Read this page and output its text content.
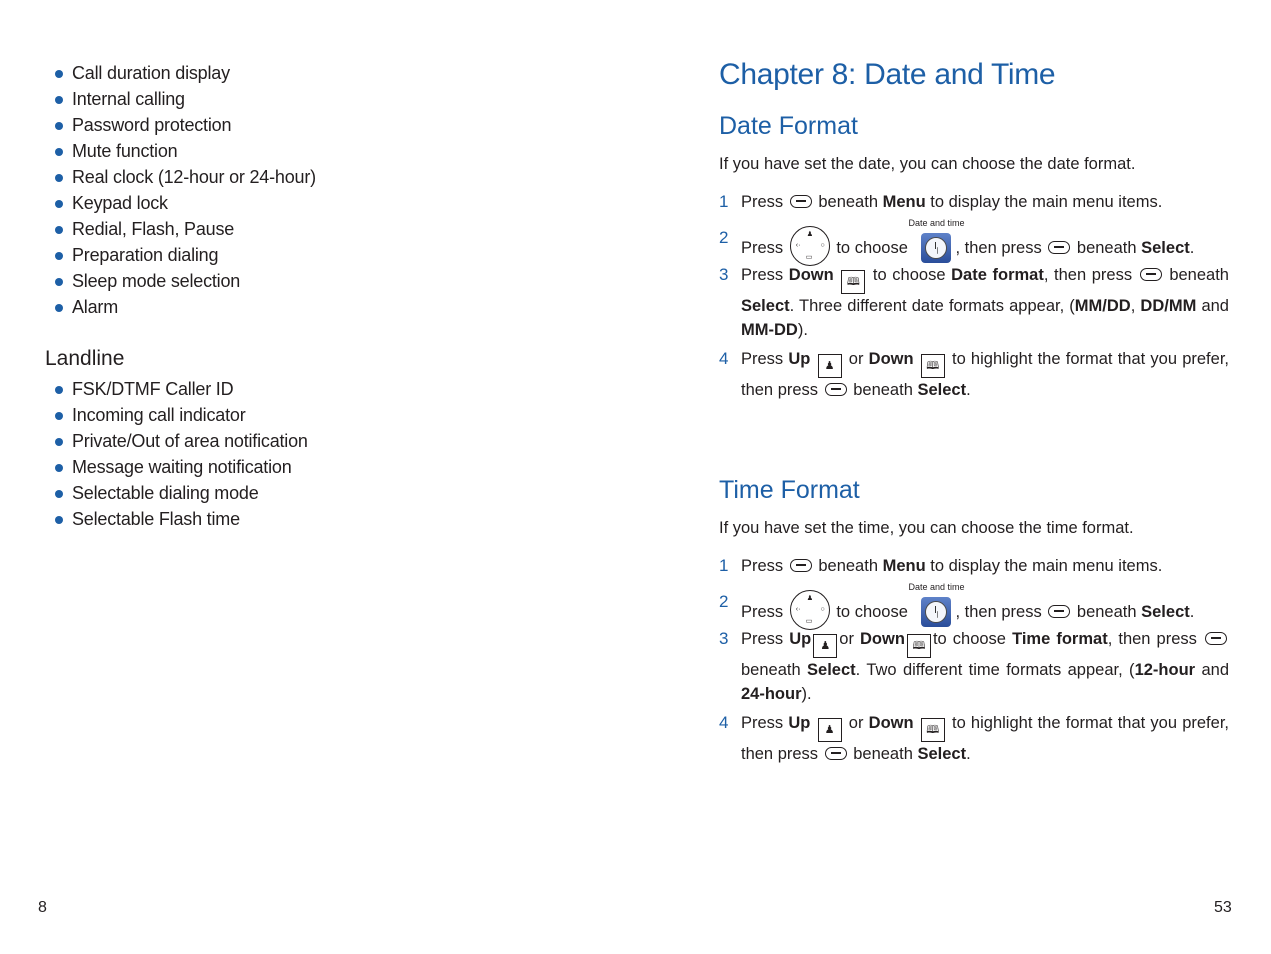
Call duration display
Internal calling
Password protection
Mute function
Real clock (12-hour or 24-hour)
Keypad lock
Redial, Flash, Pause
Preparation dialing
Sleep mode selection
Alarm
Landline
FSK/DTMF Caller ID
Incoming call indicator
Private/Out of area notification
Message waiting notification
Selectable dialing mode
Selectable Flash time
8
Chapter 8: Date and Time
Date Format
If you have set the date, you can choose the date format.
1 Press  beneath Menu to display the main menu items.
2
Press
♟
‹·	○
▭
to choose
Date and time
, then press  beneath Select.
3 Press Down 🕮 to choose Date format, then press  beneath Select. Three different date formats appear, (MM/DD, DD/MM and MM-DD).
4 Press Up ♟ or Down 🕮 to highlight the format that you prefer, then press  beneath Select.
Time Format
If you have set the time, you can choose the time format.
1 Press  beneath Menu to display the main menu items.
2
Press
♟
‹·	○
▭
to choose
Date and time
, then press  beneath Select.
3 Press Up ♟ or Down 🕮 to choose Time format, then press beneath Select. Two different time formats appear, (12-hour and 24-hour).
4 Press Up ♟ or Down 🕮 to highlight the format that you prefer, then press  beneath Select.
53
